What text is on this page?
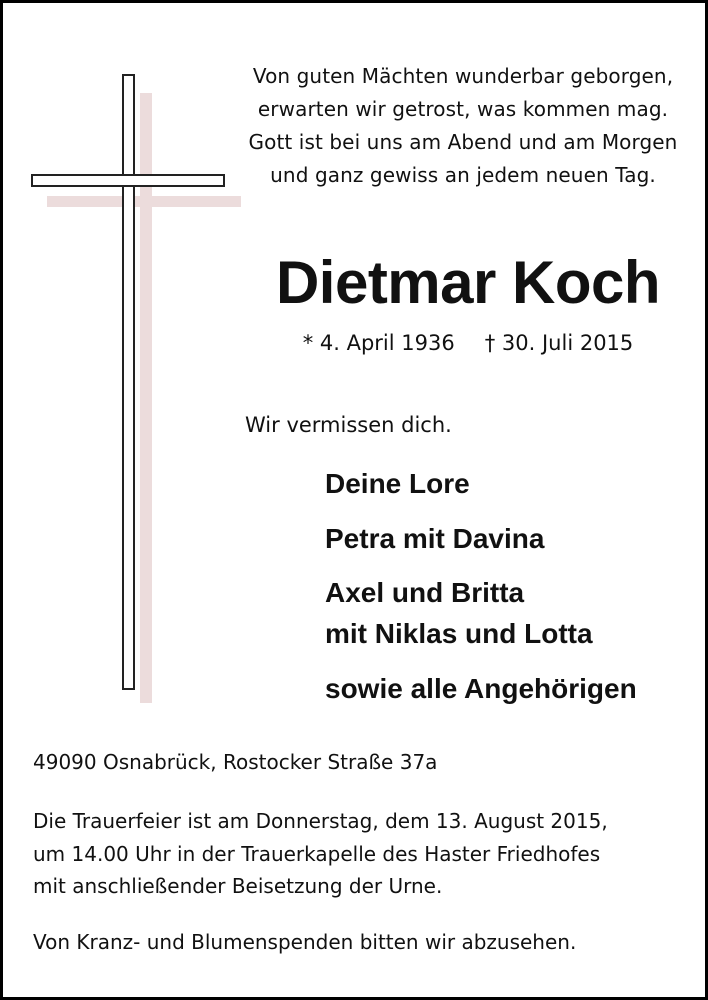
Von guten Mächten wunderbar geborgen,
erwarten wir getrost, was kommen mag.
Gott ist bei uns am Abend und am Morgen
und ganz gewiss an jedem neuen Tag.
Dietmar Koch
* 4. April 1936 † 30. Juli 2015
Wir vermissen dich.
Deine Lore
Petra mit Davina
Axel und Britta
mit Niklas und Lotta
sowie alle Angehörigen
49090 Osnabrück, Rostocker Straße 37a
Die Trauerfeier ist am Donnerstag, dem 13. August 2015,
um 14.00 Uhr in der Trauerkapelle des Haster Friedhofes
mit anschließender Beisetzung der Urne.
Von Kranz- und Blumenspenden bitten wir abzusehen.
